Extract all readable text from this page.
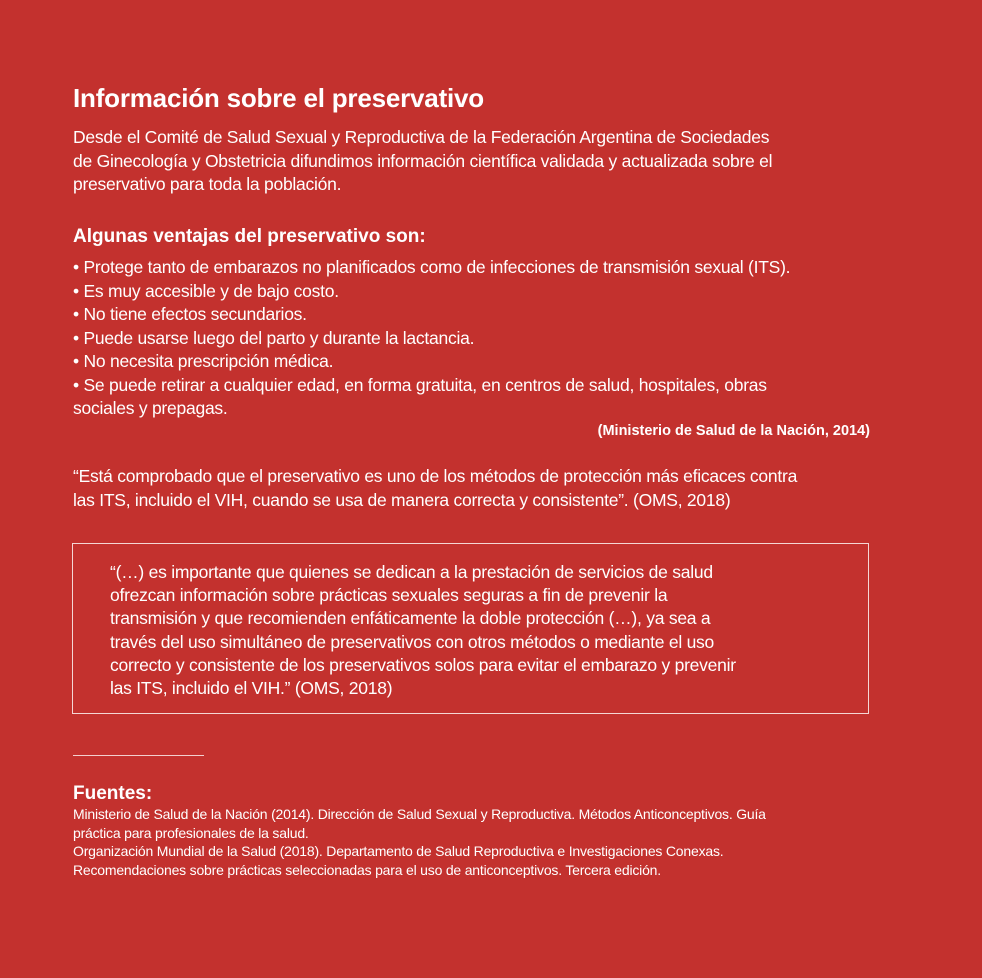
Información sobre el preservativo

Desde el Comité de Salud Sexual y Reproductiva de la Federación Argentina de Sociedades
de Ginecología y Obstetricia difundimos información científica validada y actualizada sobre el
preservativo para toda la población.

Algunas ventajas del preservativo son:
• Protege tanto de embarazos no planificados como de infecciones de transmisión sexual (ITS).
• Es muy accesible y de bajo costo.
• No tiene efectos secundarios.
• Puede usarse luego del parto y durante la lactancia.
• No necesita prescripción médica.
• Se puede retirar a cualquier edad, en forma gratuita, en centros de salud, hospitales, obras
sociales y prepagas.

(Ministerio de Salud de la Nación, 2014)

“Está comprobado que el preservativo es uno de los métodos de protección más eficaces contra
las ITS, incluido el VIH, cuando se usa de manera correcta y consistente”. (OMS, 2018)

“(…) es importante que quienes se dedican a la prestación de servicios de salud
ofrezcan información sobre prácticas sexuales seguras a fin de prevenir la
transmisión y que recomienden enfáticamente la doble protección (…), ya sea a
través del uso simultáneo de preservativos con otros métodos o mediante el uso
correcto y consistente de los preservativos solos para evitar el embarazo y prevenir
las ITS, incluido el VIH.” (OMS, 2018)

Fuentes:

Ministerio de Salud de la Nación (2014). Dirección de Salud Sexual y Reproductiva. Métodos Anticonceptivos. Guía
práctica para profesionales de la salud.
Organización Mundial de la Salud (2018). Departamento de Salud Reproductiva e Investigaciones Conexas.
Recomendaciones sobre prácticas seleccionadas para el uso de anticonceptivos. Tercera edición.
